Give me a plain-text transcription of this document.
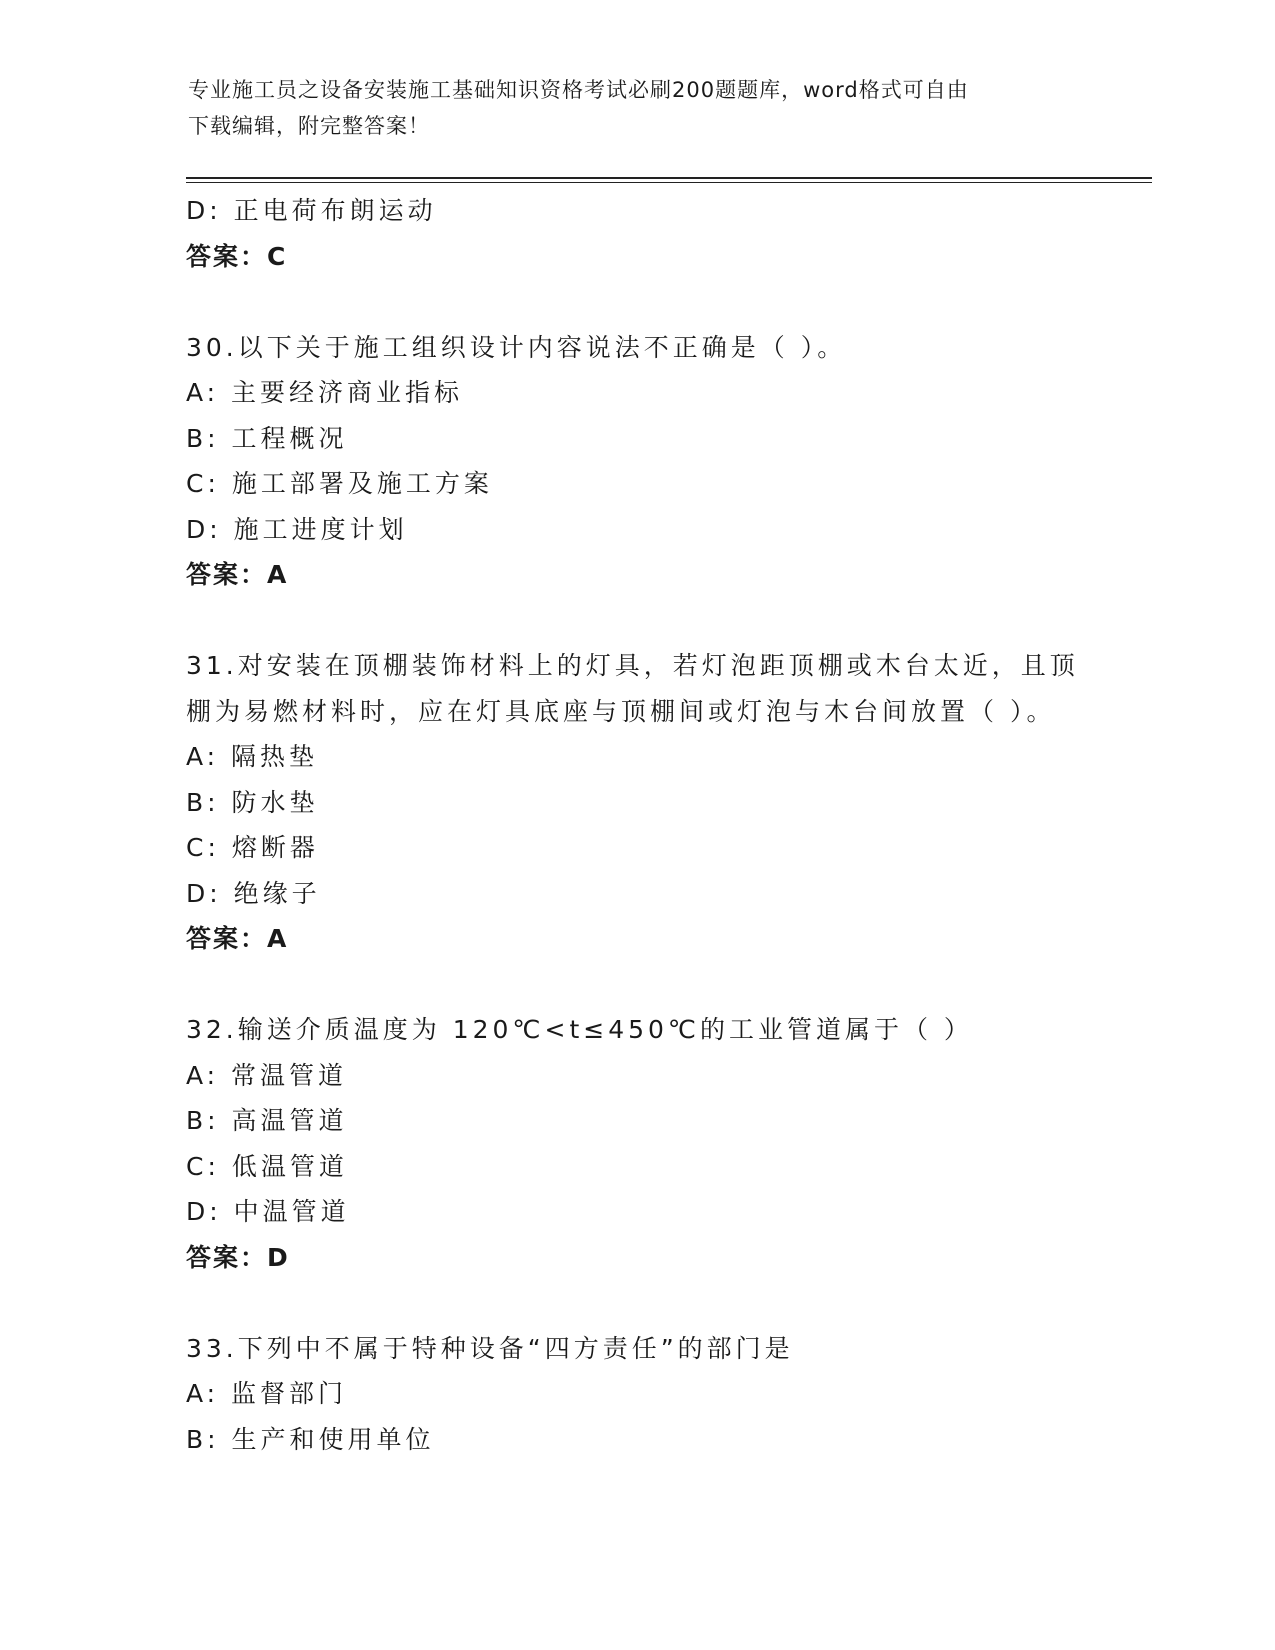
专业施工员之设备安装施工基础知识资格考试必刷200题题库，word格式可自由
下载编辑，附完整答案！
D: 正电荷布朗运动
答案：C
30.以下关于施工组织设计内容说法不正确是（ ）。
A: 主要经济商业指标
B: 工程概况
C: 施工部署及施工方案
D: 施工进度计划
答案：A
31.对安装在顶棚装饰材料上的灯具，若灯泡距顶棚或木台太近，且顶
棚为易燃材料时，应在灯具底座与顶棚间或灯泡与木台间放置（ ）。
A: 隔热垫
B: 防水垫
C: 熔断器
D: 绝缘子
答案：A
32.输送介质温度为 120℃<t≤450℃的工业管道属于（ ）
A: 常温管道
B: 高温管道
C: 低温管道
D: 中温管道
答案：D
33.下列中不属于特种设备“四方责任”的部门是
A: 监督部门
B: 生产和使用单位
